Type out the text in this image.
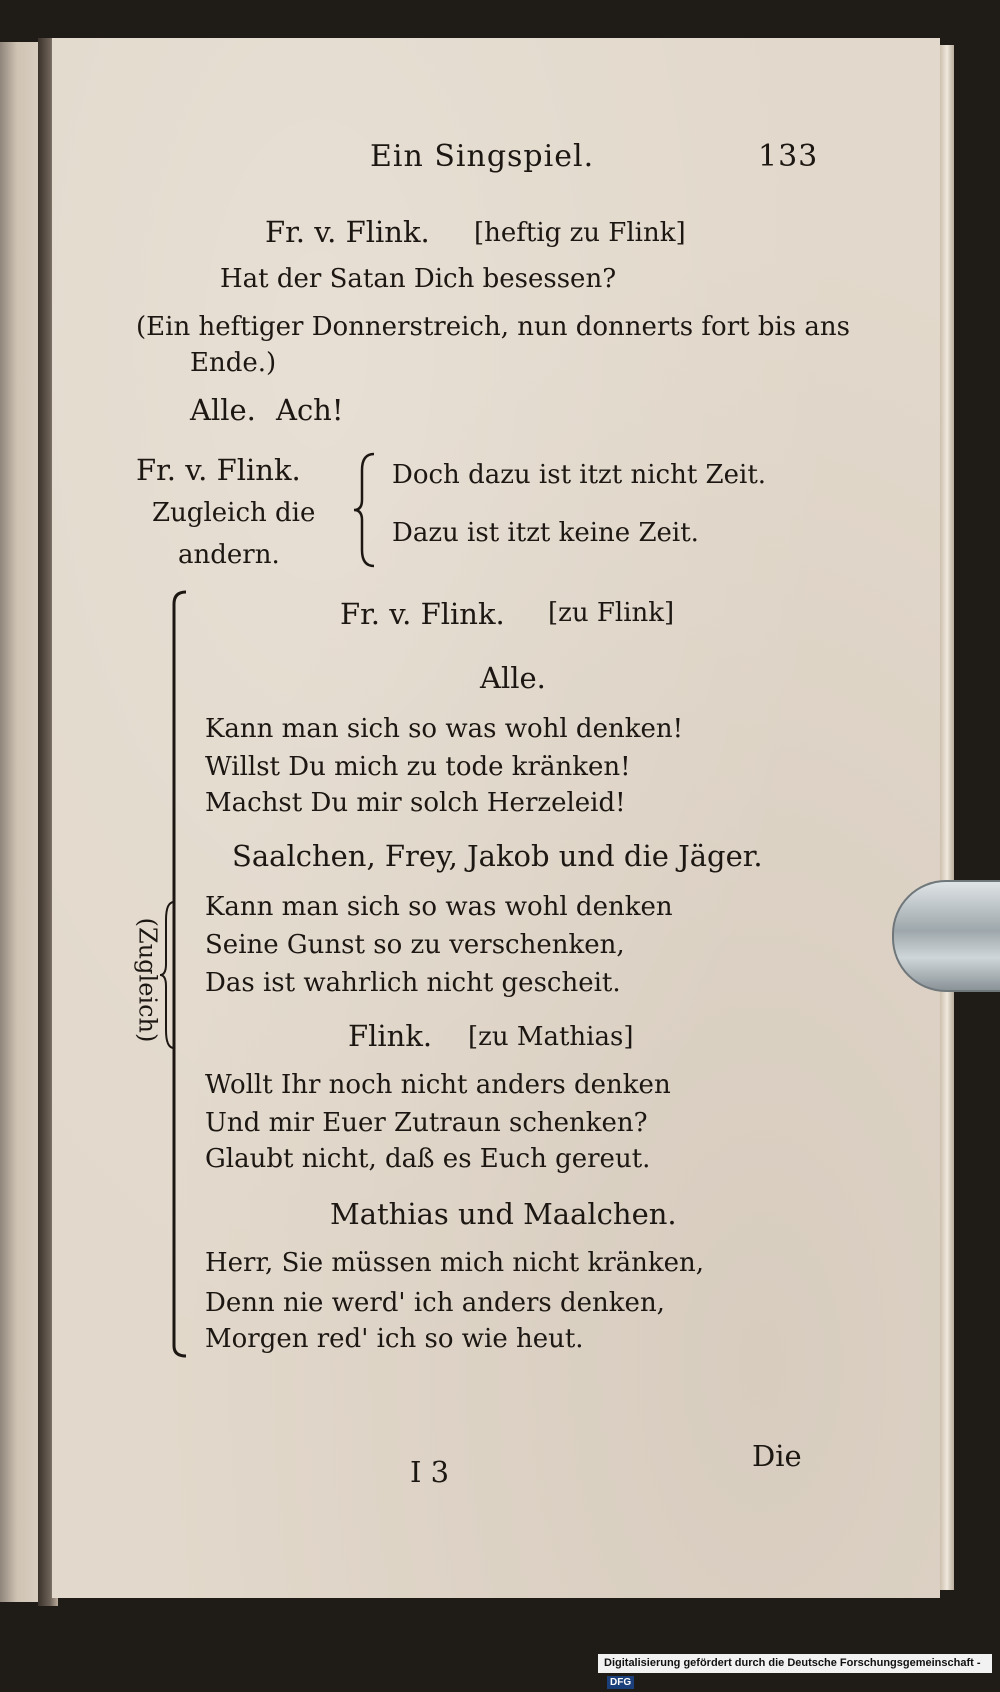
Ein Singspiel.	133
Fr. v. Flink. [heftig zu Flink]
Hat der Satan Dich besessen?
(Ein heftiger Donnerstreich, nun donnerts fort bis ans
Ende.)
Alle. Ach!
Fr. v. Flink.
Zugleich die
andern.
Doch dazu ist itzt nicht Zeit.
Dazu ist itzt keine Zeit.
(Zugleich)
Fr. v. Flink. [zu Flink]
Alle.
Kann man sich so was wohl denken!
Willst Du mich zu tode kränken!
Machst Du mir solch Herzeleid!
Saalchen, Frey, Jakob und die Jäger.
Kann man sich so was wohl denken
Seine Gunst so zu verschenken,
Das ist wahrlich nicht gescheit.
Flink. [zu Mathias]
Wollt Ihr noch nicht anders denken
Und mir Euer Zutraun schenken?
Glaubt nicht, daß es Euch gereut.
Mathias und Maalchen.
Herr, Sie müssen mich nicht kränken,
Denn nie werd' ich anders denken,
Morgen red' ich so wie heut.
I 3	Die
Digitalisierung gefördert durch die Deutsche Forschungsgemeinschaft -DFG
